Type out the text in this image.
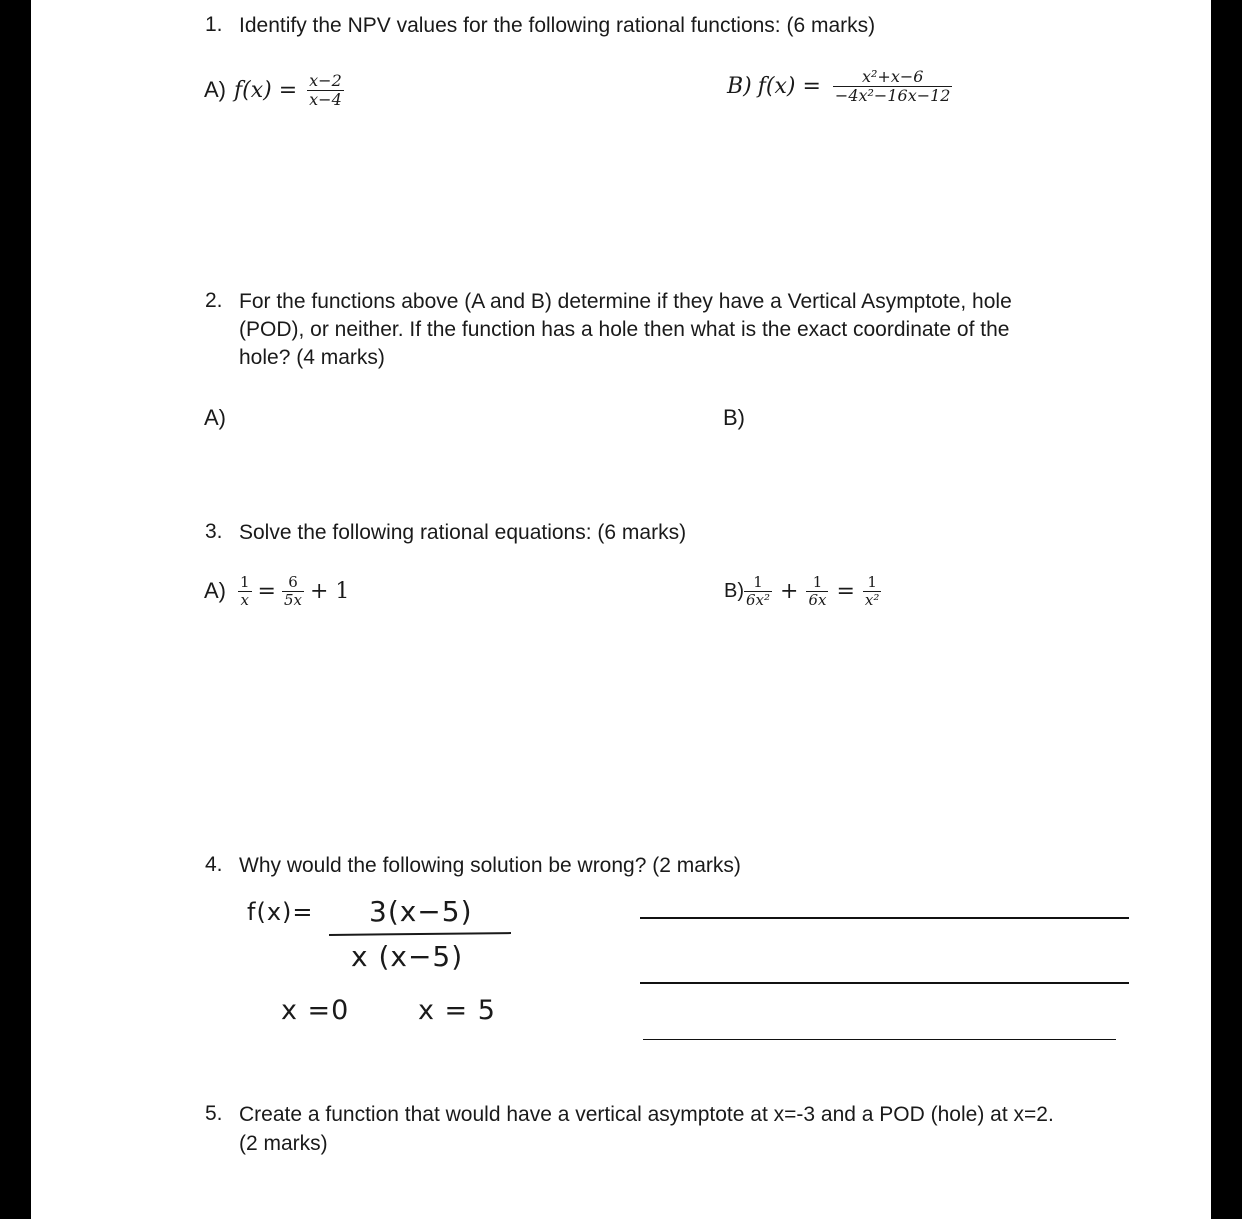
1. Identify the NPV values for the following rational functions: (6 marks)
A) $f(x) = \frac{x-2}{x-4}$	B) $f(x) = \frac{\text{x²+x−6}}{\text{−4x²−16x−12}}$
2. For the functions above (A and B) determine if they have a Vertical Asymptote, hole
(POD), or neither. If the function has a hole then what is the exact coordinate of the
hole? (4 marks)
A)	B)
3. Solve the following rational equations: (6 marks)
$A) \frac{1}{x} = \frac{6}{5x} + 1$	$B) \frac{1}{\text{6x²}} + \frac{1}{6x} = \frac{1}{\text{x²}}$
4. Why would the following solution be wrong? (2 marks)
f(x)= 3(x−5)
x (x−5)
x =0	x = 5
5. Create a function that would have a vertical asymptote at x=-3 and a POD (hole) at x=2.
(2 marks)
